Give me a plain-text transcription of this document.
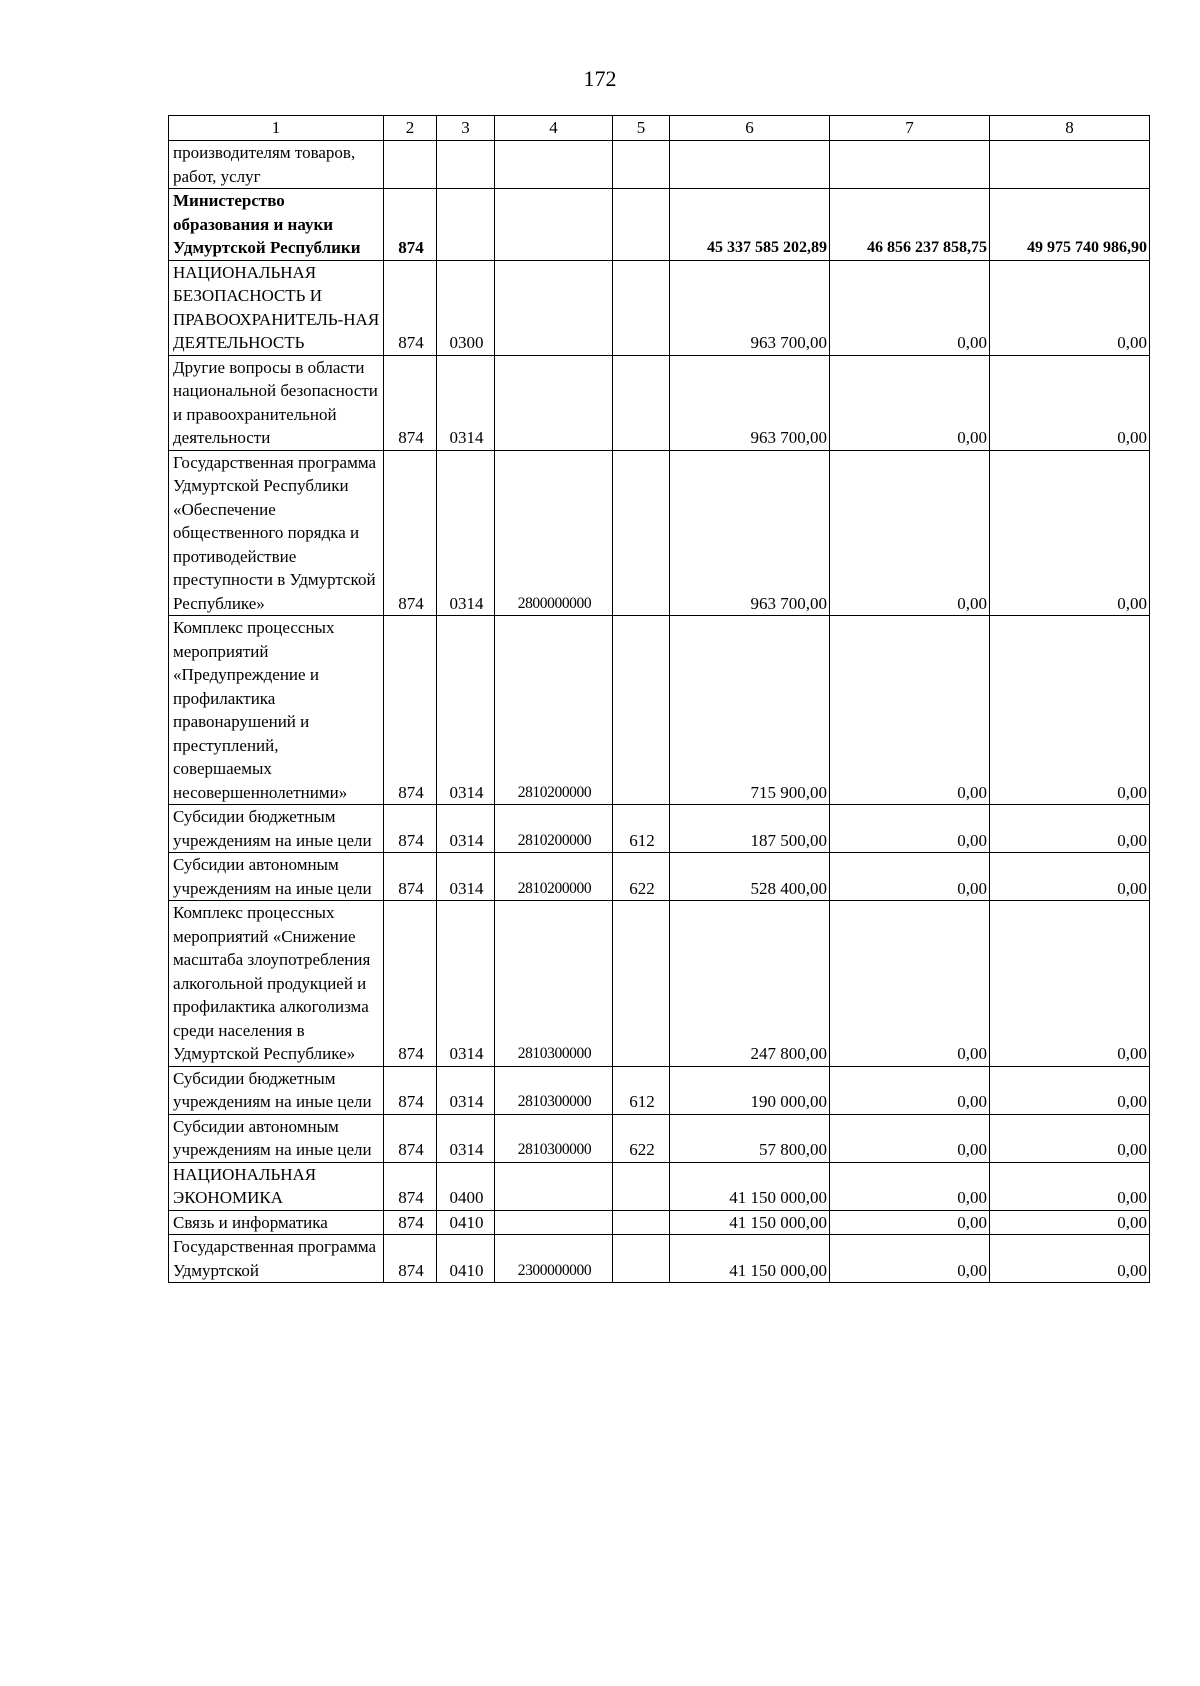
172
1	2	3	4	5	6	7	8
производителям товаров, работ, услуг							
Министерство образования и науки Удмуртской Республики	874				45 337 585 202,89	46 856 237 858,75	49 975 740 986,90
НАЦИОНАЛЬНАЯ БЕЗОПАСНОСТЬ И ПРАВООХРАНИТЕЛЬ-НАЯ ДЕЯТЕЛЬНОСТЬ	874	0300			963 700,00	0,00	0,00
Другие вопросы в области национальной безопасности и правоохранительной деятельности	874	0314			963 700,00	0,00	0,00
Государственная программа Удмуртской Республики «Обеспечение общественного порядка и противодействие преступности в Удмуртской Республике»	874	0314	2800000000		963 700,00	0,00	0,00
Комплекс процессных мероприятий «Предупреждение и профилактика правонарушений и преступлений, совершаемых несовершеннолетними»	874	0314	2810200000		715 900,00	0,00	0,00
Субсидии бюджетным учреждениям на иные цели	874	0314	2810200000	612	187 500,00	0,00	0,00
Субсидии автономным учреждениям на иные цели	874	0314	2810200000	622	528 400,00	0,00	0,00
Комплекс процессных мероприятий «Снижение масштаба злоупотребления алкогольной продукцией и профилактика алкоголизма среди населения в Удмуртской Республике»	874	0314	2810300000		247 800,00	0,00	0,00
Субсидии бюджетным учреждениям на иные цели	874	0314	2810300000	612	190 000,00	0,00	0,00
Субсидии автономным учреждениям на иные цели	874	0314	2810300000	622	57 800,00	0,00	0,00
НАЦИОНАЛЬНАЯ ЭКОНОМИКА	874	0400			41 150 000,00	0,00	0,00
Связь и информатика	874	0410			41 150 000,00	0,00	0,00
Государственная программа Удмуртской	874	0410	2300000000		41 150 000,00	0,00	0,00
